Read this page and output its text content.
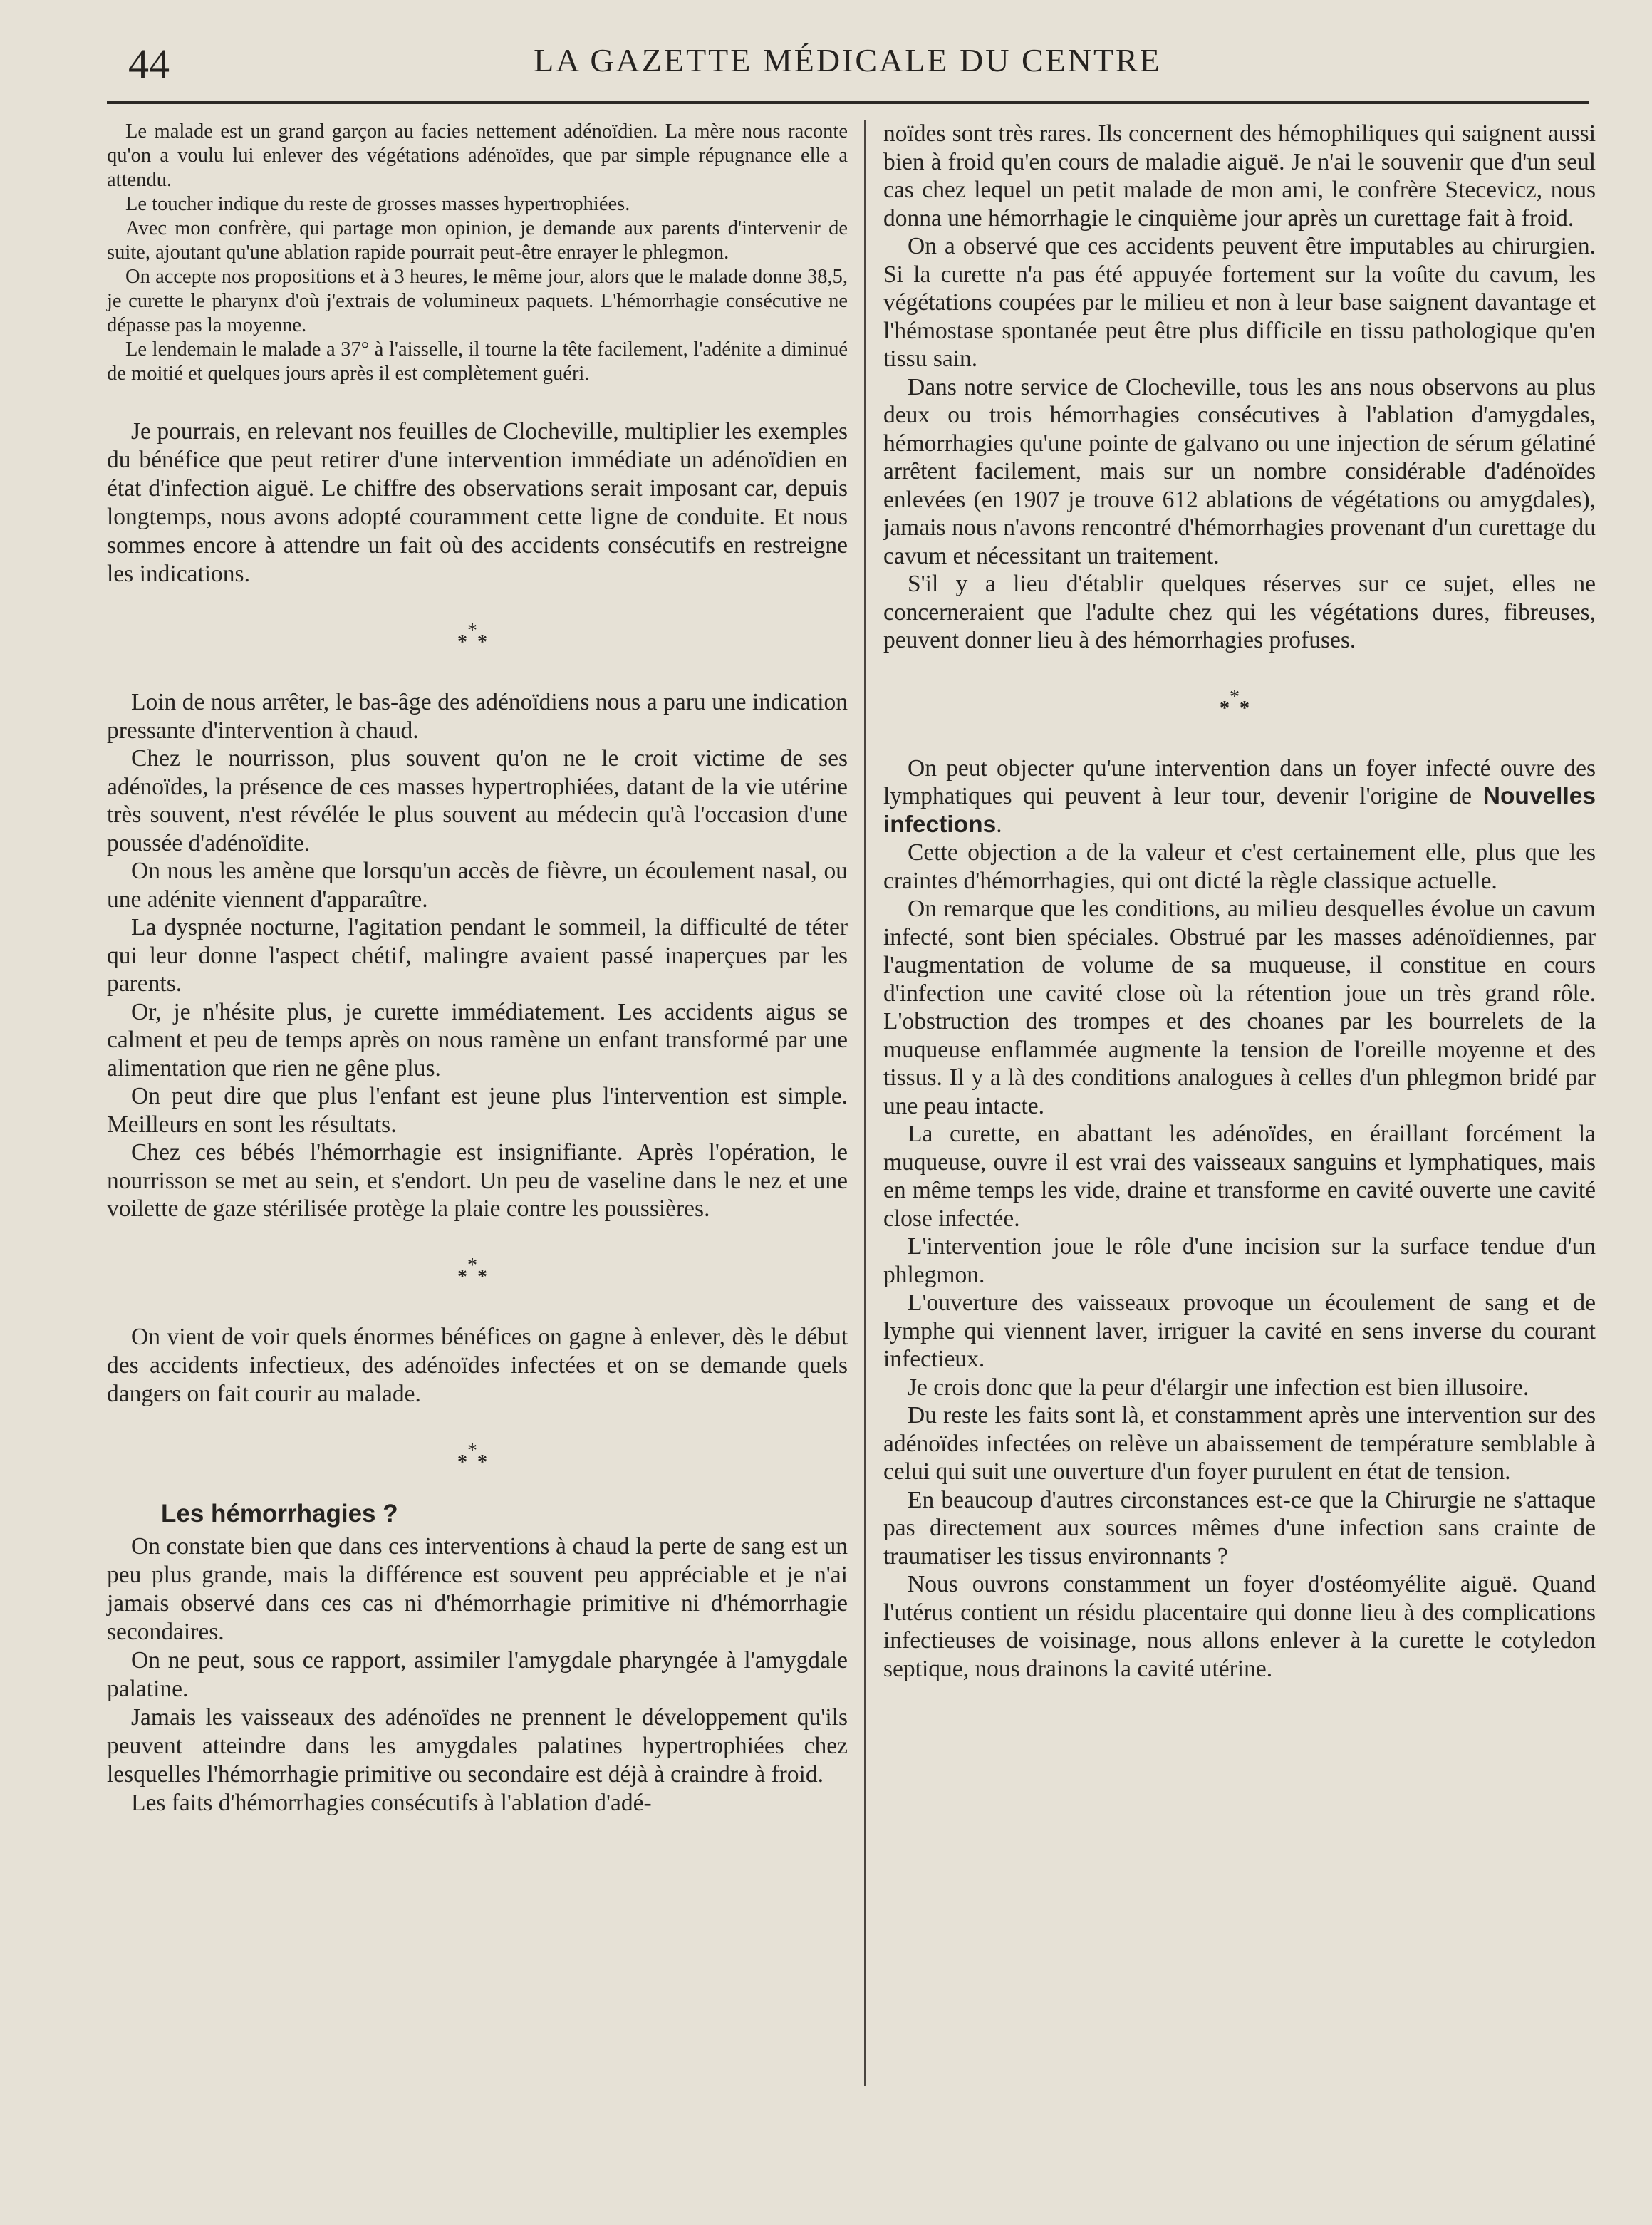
44	LA GAZETTE MÉDICALE DU CENTRE

Le malade est un grand garçon au facies nettement adénoïdien. La mère nous raconte qu'on a voulu lui enlever des végétations adénoïdes, que par simple répugnance elle a attendu.

Le toucher indique du reste de grosses masses hypertrophiées.

Avec mon confrère, qui partage mon opinion, je demande aux parents d'intervenir de suite, ajoutant qu'une ablation rapide pourrait peut-être enrayer le phlegmon.

On accepte nos propositions et à 3 heures, le même jour, alors que le malade donne 38,5, je curette le pharynx d'où j'extrais de volumineux paquets. L'hémorrhagie consécutive ne dépasse pas la moyenne.

Le lendemain le malade a 37° à l'aisselle, il tourne la tête facilement, l'adénite a diminué de moitié et quelques jours après il est complètement guéri.

Je pourrais, en relevant nos feuilles de Clocheville, multiplier les exemples du bénéfice que peut retirer d'une intervention immédiate un adénoïdien en état d'infection aiguë. Le chiffre des observations serait imposant car, depuis longtemps, nous avons adopté couramment cette ligne de conduite. Et nous sommes encore à attendre un fait où des accidents consécutifs en restreigne les indications.

*
**

Loin de nous arrêter, le bas-âge des adénoïdiens nous a paru une indication pressante d'intervention à chaud.

Chez le nourrisson, plus souvent qu'on ne le croit victime de ses adénoïdes, la présence de ces masses hypertrophiées, datant de la vie utérine très souvent, n'est révélée le plus souvent au médecin qu'à l'occasion d'une poussée d'adénoïdite.

On nous les amène que lorsqu'un accès de fièvre, un écoulement nasal, ou une adénite viennent d'apparaître.

La dyspnée nocturne, l'agitation pendant le sommeil, la difficulté de téter qui leur donne l'aspect chétif, malingre avaient passé inaperçues par les parents.

Or, je n'hésite plus, je curette immédiatement. Les accidents aigus se calment et peu de temps après on nous ramène un enfant transformé par une alimentation que rien ne gêne plus.

On peut dire que plus l'enfant est jeune plus l'intervention est simple. Meilleurs en sont les résultats.

Chez ces bébés l'hémorrhagie est insignifiante. Après l'opération, le nourrisson se met au sein, et s'endort. Un peu de vaseline dans le nez et une voilette de gaze stérilisée protège la plaie contre les poussières.

*
**

On vient de voir quels énormes bénéfices on gagne à enlever, dès le début des accidents infectieux, des adénoïdes infectées et on se demande quels dangers on fait courir au malade.

*
**
Les hémorrhagies ?

On constate bien que dans ces interventions à chaud la perte de sang est un peu plus grande, mais la différence est souvent peu appréciable et je n'ai jamais observé dans ces cas ni d'hémorrhagie primitive ni d'hémorrhagie secondaires.

On ne peut, sous ce rapport, assimiler l'amygdale pharyngée à l'amygdale palatine.

Jamais les vaisseaux des adénoïdes ne prennent le développement qu'ils peuvent atteindre dans les amygdales palatines hypertrophiées chez lesquelles l'hémorrhagie primitive ou secondaire est déjà à craindre à froid.

Les faits d'hémorrhagies consécutifs à l'ablation d'adé-

noïdes sont très rares. Ils concernent des hémophiliques qui saignent aussi bien à froid qu'en cours de maladie aiguë. Je n'ai le souvenir que d'un seul cas chez lequel un petit malade de mon ami, le confrère Stecevicz, nous donna une hémorrhagie le cinquième jour après un curettage fait à froid.

On a observé que ces accidents peuvent être imputables au chirurgien. Si la curette n'a pas été appuyée fortement sur la voûte du cavum, les végétations coupées par le milieu et non à leur base saignent davantage et l'hémostase spontanée peut être plus difficile en tissu pathologique qu'en tissu sain.

Dans notre service de Clocheville, tous les ans nous observons au plus deux ou trois hémorrhagies consécutives à l'ablation d'amygdales, hémorrhagies qu'une pointe de galvano ou une injection de sérum gélatiné arrêtent facilement, mais sur un nombre considérable d'adénoïdes enlevées (en 1907 je trouve 612 ablations de végétations ou amygdales), jamais nous n'avons rencontré d'hémorrhagies provenant d'un curettage du cavum et nécessitant un traitement.

S'il y a lieu d'établir quelques réserves sur ce sujet, elles ne concerneraient que l'adulte chez qui les végétations dures, fibreuses, peuvent donner lieu à des hémorrhagies profuses.

*
**

On peut objecter qu'une intervention dans un foyer infecté ouvre des lymphatiques qui peuvent à leur tour, devenir l'origine de Nouvelles infections.

Cette objection a de la valeur et c'est certainement elle, plus que les craintes d'hémorrhagies, qui ont dicté la règle classique actuelle.

On remarque que les conditions, au milieu desquelles évolue un cavum infecté, sont bien spéciales. Obstrué par les masses adénoïdiennes, par l'augmentation de volume de sa muqueuse, il constitue en cours d'infection une cavité close où la rétention joue un très grand rôle. L'obstruction des trompes et des choanes par les bourrelets de la muqueuse enflammée augmente la tension de l'oreille moyenne et des tissus. Il y a là des conditions analogues à celles d'un phlegmon bridé par une peau intacte.

La curette, en abattant les adénoïdes, en éraillant forcément la muqueuse, ouvre il est vrai des vaisseaux sanguins et lymphatiques, mais en même temps les vide, draine et transforme en cavité ouverte une cavité close infectée.

L'intervention joue le rôle d'une incision sur la surface tendue d'un phlegmon.

L'ouverture des vaisseaux provoque un écoulement de sang et de lymphe qui viennent laver, irriguer la cavité en sens inverse du courant infectieux.

Je crois donc que la peur d'élargir une infection est bien illusoire.

Du reste les faits sont là, et constamment après une intervention sur des adénoïdes infectées on relève un abaissement de température semblable à celui qui suit une ouverture d'un foyer purulent en état de tension.

En beaucoup d'autres circonstances est-ce que la Chirurgie ne s'attaque pas directement aux sources mêmes d'une infection sans crainte de traumatiser les tissus environnants ?

Nous ouvrons constamment un foyer d'ostéomyélite aiguë. Quand l'utérus contient un résidu placentaire qui donne lieu à des complications infectieuses de voisinage, nous allons enlever à la curette le cotyledon septique, nous drainons la cavité utérine.
